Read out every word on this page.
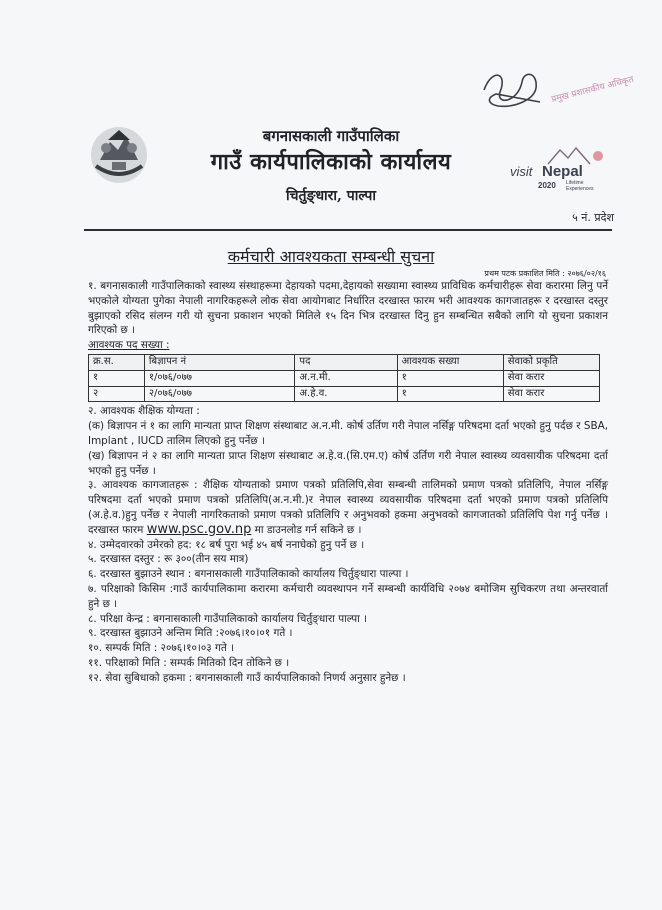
प्रमुख प्रशासकीय अधिकृत
visit Nepal
2020 Lifetime
Experiences
बगनासकाली गाउँपालिका
गाउँ कार्यपालिकाको कार्यालय
चिर्तुङ्धारा, पाल्पा
५ नं. प्रदेश
कर्मचारी आवश्यकता सम्बन्धी सुचना
प्रथम पटक प्रकाशित मिति : २०७६/०२/१६

१. बगनासकाली गाउँपालिकाको स्वास्थ्य संस्थाहरूमा देहायको पदमा,देहायको सख्यामा स्वास्थ्य प्राविधिक कर्मचारीहरू सेवा करारमा लिनु पर्ने भएकोले योग्यता पुगेका नेपाली नागरिकहरूले लोक सेवा आयोगबाट निर्धारित दरखास्त फारम भरी आवश्यक कागजातहरू र दरखास्त दस्तुर बुझाएको रसिद संलग्न गरी यो सुचना प्रकाशन भएको मितिले १५ दिन भित्र दरखास्त दिनु हुन सम्बन्धित सबैको लागि यो सुचना प्रकाशन गरिएको छ ।

आवश्यक पद सख्या :

क्र.स.	बिज्ञापन नं	पद	आवश्यक सख्या	सेवाको प्रकृति
१	१/०७६/०७७	अ.न.मी.	१	सेवा करार
२	२/०७६/०७७	अ.हे.व.	१	सेवा करार

२. आवश्यक शैक्षिक योग्यता :

(क) बिज्ञापन नं १ का लागि मान्यता प्राप्त शिक्षण संस्थाबाट अ.न.मी. कोर्ष उर्तिण गरी नेपाल नर्सिङ्ग परिषदमा दर्ता भएको हुनु पर्दछ र SBA, Implant , IUCD तालिम लिएको हुनु पर्नेछ ।

(ख) बिज्ञापन नं २ का लागि मान्यता प्राप्त शिक्षण संस्थाबाट अ.हे.व.(सि.एम.ए) कोर्ष उर्तिण गरी नेपाल स्वास्थ्य व्यवसायीक परिषदमा दर्ता भएको हुनु पर्नेछ ।

३. आवश्यक कागजातहरू : शैक्षिक योग्यताको प्रमाण पत्रको प्रतिलिपि,सेवा सम्बन्धी तालिमको प्रमाण पत्रको प्रतिलिपि, नेपाल नर्सिङ्ग परिषदमा दर्ता भएको प्रमाण पत्रको प्रतिलिपि(अ.न.मी.)र नेपाल स्वास्थ्य व्यवसायीक परिषदमा दर्ता भएको प्रमाण पत्रको प्रतिलिपि (अ.हे.व.)हुनु पर्नेछ र नेपाली नागरिकताको प्रमाण पत्रको प्रतिलिपि र अनुभवको हकमा अनुभवको कागजातको प्रतिलिपि पेश गर्नु पर्नेछ । दरखास्त फारम www.psc.gov.np मा डाउनलोड गर्न सकिने छ ।

४. उम्मेदवारको उमेरको हद: १८ बर्ष पुरा भई ४५ बर्ष ननाघेको हुनु पर्ने छ ।

५. दरखास्त दस्तुर : रू ३००(तीन सय मात्र)

६. दरखास्त बुझाउने स्थान : बगनासकाली गाउँपालिकाको कार्यालय चिर्तुङ्धारा पाल्पा ।

७. परिक्षाको किसिम :गाउँ कार्यपालिकामा करारमा कर्मचारी व्यवस्थापन गर्ने सम्बन्धी कार्यविधि २०७४ बमोजिम सुचिकरण तथा अन्तरवार्ता हुने छ ।

८. परिक्षा केन्द्र : बगनासकाली गाउँपालिकाको कार्यालय चिर्तुङ्धारा पाल्पा ।

९. दरखास्त बुझाउने अन्तिम मिति :२०७६।१०।०१ गते ।

१०. सम्पर्क मिति : २०७६।१०।०३ गते ।

११. परिक्षाको मिति : सम्पर्क मितिको दिन तोकिने छ ।

१२. सेवा सुबिधाको हकमा : बगनासकाली गाउँ कार्यपालिकाको निणर्य अनुसार हुनेछ ।
